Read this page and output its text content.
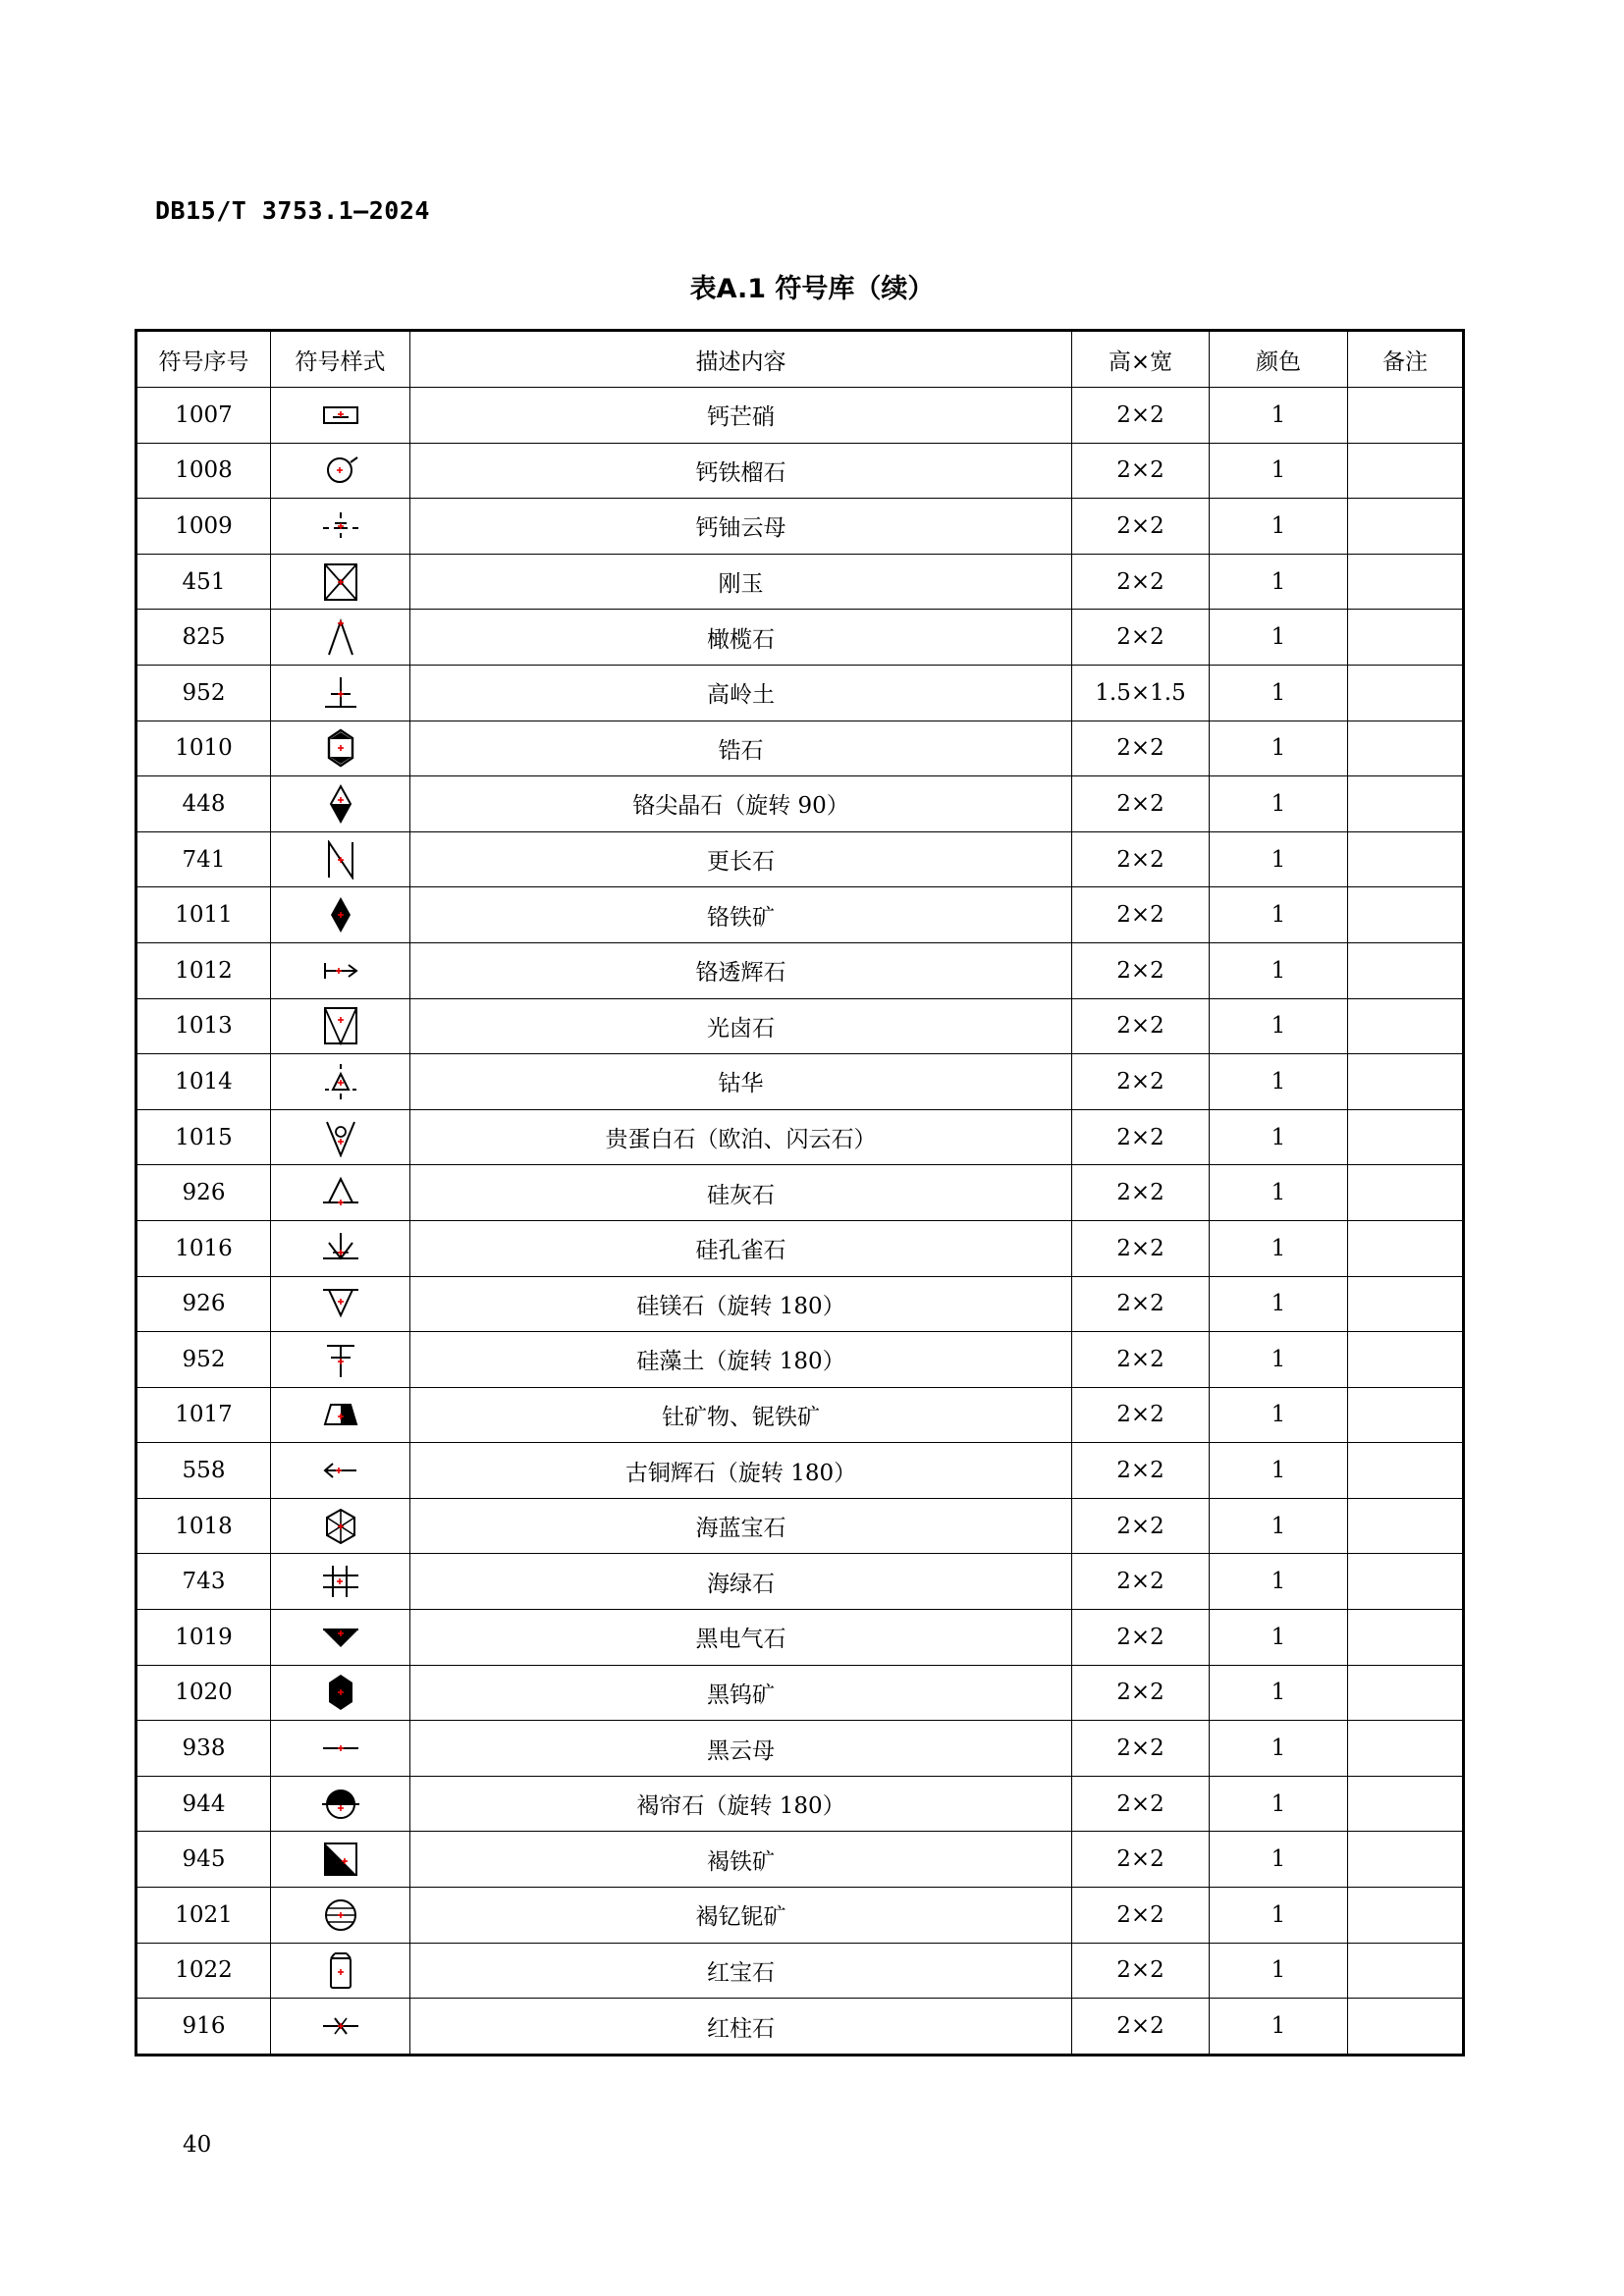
DB15/T 3753.1—2024
表A.1 符号库（续）
符号序号	符号样式	描述内容	高×宽	颜色	备注
1007		钙芒硝	2×2	1	
1008		钙铁榴石	2×2	1	
1009		钙铀云母	2×2	1	
451		刚玉	2×2	1	
825		橄榄石	2×2	1	
952		高岭土	1.5×1.5	1	
1010		锆石	2×2	1	
448		铬尖晶石（旋转 90）	2×2	1	
741		更长石	2×2	1	
1011		铬铁矿	2×2	1	
1012		铬透辉石	2×2	1	
1013		光卤石	2×2	1	
1014		钴华	2×2	1	
1015		贵蛋白石（欧泊、闪云石）	2×2	1	
926		硅灰石	2×2	1	
1016		硅孔雀石	2×2	1	
926		硅镁石（旋转 180）	2×2	1	
952		硅藻土（旋转 180）	2×2	1	
1017		钍矿物、铌铁矿	2×2	1	
558		古铜辉石（旋转 180）	2×2	1	
1018		海蓝宝石	2×2	1	
743		海绿石	2×2	1	
1019		黑电气石	2×2	1	
1020		黑钨矿	2×2	1	
938		黑云母	2×2	1	
944		褐帘石（旋转 180）	2×2	1	
945		褐铁矿	2×2	1	
1021		褐钇铌矿	2×2	1	
1022		红宝石	2×2	1	
916		红柱石	2×2	1	
40
